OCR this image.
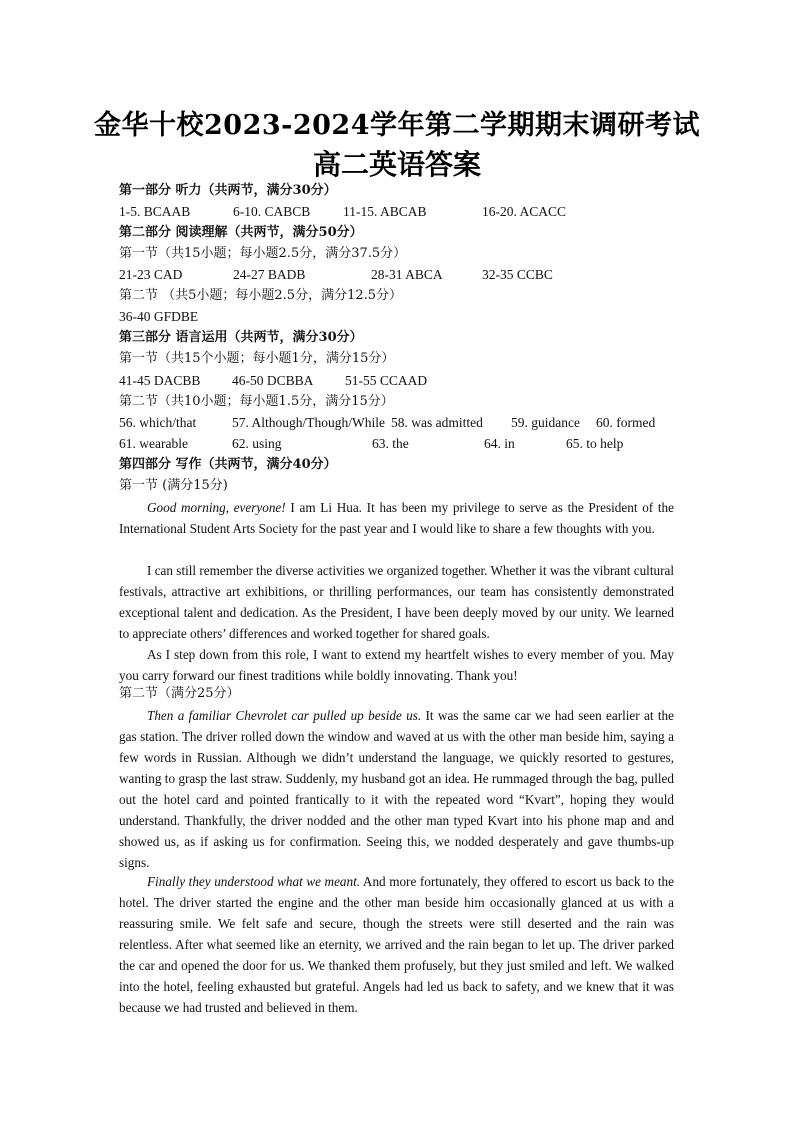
金华十校2023-2024学年第二学期期末调研考试
高二英语答案
第一部分 听力（共两节，满分30分）
1-5. BCAAB	6-10. CABCB 11-15. ABCAB	16-20. ACACC
第二部分 阅读理解（共两节，满分50分）
第一节（共15小题；每小题2.5分，满分37.5分）
21-23 CAD	24-27 BADB	28-31 ABCA	32-35 CCBC
第二节 （共5小题；每小题2.5分，满分12.5分）
36-40 GFDBE
第三部分 语言运用（共两节，满分30分）
第一节（共15个小题；每小题1分，满分15分）
41-45 DACBB 46-50 DCBBA 51-55 CCAAD
第二节（共10小题；每小题1.5分，满分15分）
56. which/that	57. Although/Though/While 58. was admitted 59. guidance 60. formed
61. wearable	62. using	63. the	64. in	65. to help
第四部分 写作（共两节，满分40分）
第一节 (满分15分)
Good morning, everyone! I am Li Hua. It has been my privilege to serve as the President of the International Student Arts Society for the past year and I would like to share a few thoughts with you.
I can still remember the diverse activities we organized together. Whether it was the vibrant cultural festivals, attractive art exhibitions, or thrilling performances, our team has consistently demonstrated exceptional talent and dedication. As the President, I have been deeply moved by our unity. We learned to appreciate others’ differences and worked together for shared goals.
As I step down from this role, I want to extend my heartfelt wishes to every member of you. May you carry forward our finest traditions while boldly innovating. Thank you!
第二节（满分25分）
Then a familiar Chevrolet car pulled up beside us. It was the same car we had seen earlier at the gas station. The driver rolled down the window and waved at us with the other man beside him, saying a few words in Russian. Although we didn’t understand the language, we quickly resorted to gestures, wanting to grasp the last straw. Suddenly, my husband got an idea. He rummaged through the bag, pulled out the hotel card and pointed frantically to it with the repeated word “Kvart”, hoping they would understand. Thankfully, the driver nodded and the other man typed Kvart into his phone map and and showed us, as if asking us for confirmation. Seeing this, we nodded desperately and gave thumbs-up signs.
Finally they understood what we meant. And more fortunately, they offered to escort us back to the hotel. The driver started the engine and the other man beside him occasionally glanced at us with a reassuring smile. We felt safe and secure, though the streets were still deserted and the rain was relentless. After what seemed like an eternity, we arrived and the rain began to let up. The driver parked the car and opened the door for us. We thanked them profusely, but they just smiled and left. We walked into the hotel, feeling exhausted but grateful. Angels had led us back to safety, and we knew that it was because we had trusted and believed in them.
